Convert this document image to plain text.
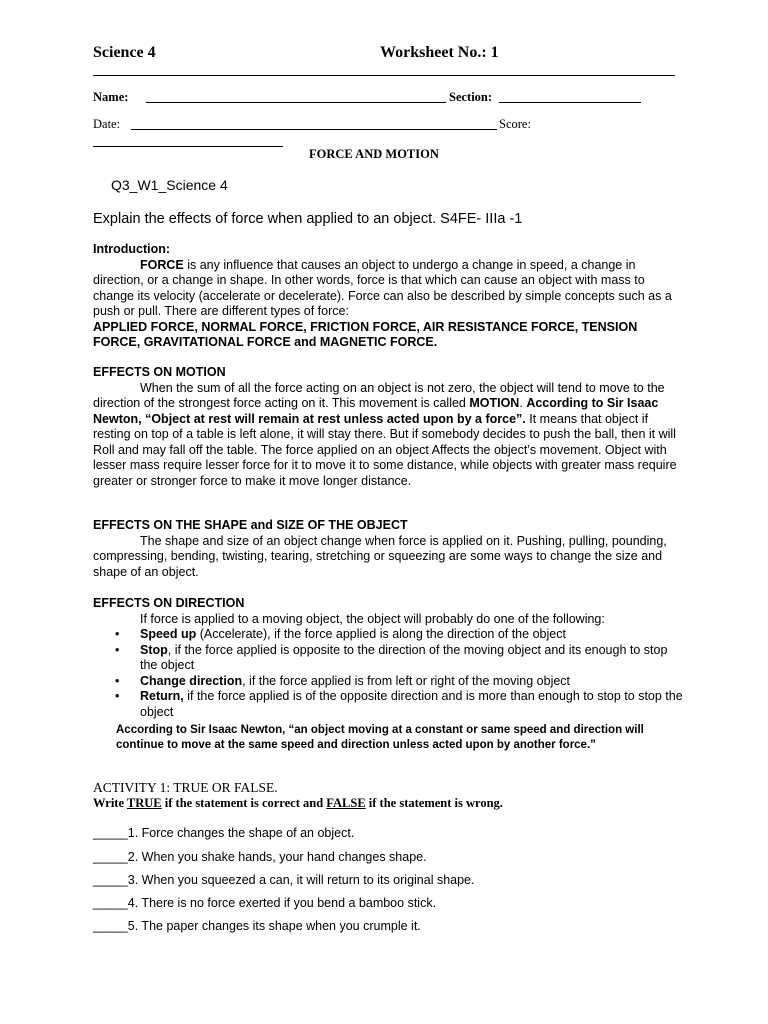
Science 4	Worksheet No.: 1
Name:	Section:
Date:	Score:
FORCE AND MOTION
Q3_W1_Science 4
Explain the effects of force when applied to an object. S4FE- IIIa -1

Introduction:

FORCE is any influence that causes an object to undergo a change in speed, a change in direction, or a change in shape. In other words, force is that which can cause an object with mass to change its velocity (accelerate or decelerate). Force can also be described by simple concepts such as a push or pull. There are different types of force:

APPLIED FORCE, NORMAL FORCE, FRICTION FORCE, AIR RESISTANCE FORCE, TENSION FORCE, GRAVITATIONAL FORCE and MAGNETIC FORCE.

EFFECTS ON MOTION

When the sum of all the force acting on an object is not zero, the object will tend to move to the direction of the strongest force acting on it. This movement is called MOTION. According to Sir Isaac Newton, “Object at rest will remain at rest unless acted upon by a force”. It means that object if resting on top of a table is left alone, it will stay there. But if somebody decides to push the ball, then it will Roll and may fall off the table. The force applied on an object Affects the object’s movement. Object with lesser mass require lesser force for it to move it to some distance, while objects with greater mass require greater or stronger force to make it move longer distance.

EFFECTS ON THE SHAPE and SIZE OF THE OBJECT

The shape and size of an object change when force is applied on it. Pushing, pulling, pounding, compressing, bending, twisting, tearing, stretching or squeezing are some ways to change the size and shape of an object.

EFFECTS ON DIRECTION

If force is applied to a moving object, the object will probably do one of the following:

• Speed up (Accelerate), if the force applied is along the direction of the object
• Stop, if the force applied is opposite to the direction of the moving object and its enough to stop the object
• Change direction, if the force applied is from left or right of the moving object
• Return, if the force applied is of the opposite direction and is more than enough to stop to stop the object
According to Sir Isaac Newton, “an object moving at a constant or same speed and direction will continue to move at the same speed and direction unless acted upon by another force.”
ACTIVITY 1: TRUE OR FALSE.
Write TRUE if the statement is correct and FALSE if the statement is wrong.
_____1. Force changes the shape of an object.
_____2. When you shake hands, your hand changes shape.
_____3. When you squeezed a can, it will return to its original shape.
_____4. There is no force exerted if you bend a bamboo stick.
_____5. The paper changes its shape when you crumple it.
